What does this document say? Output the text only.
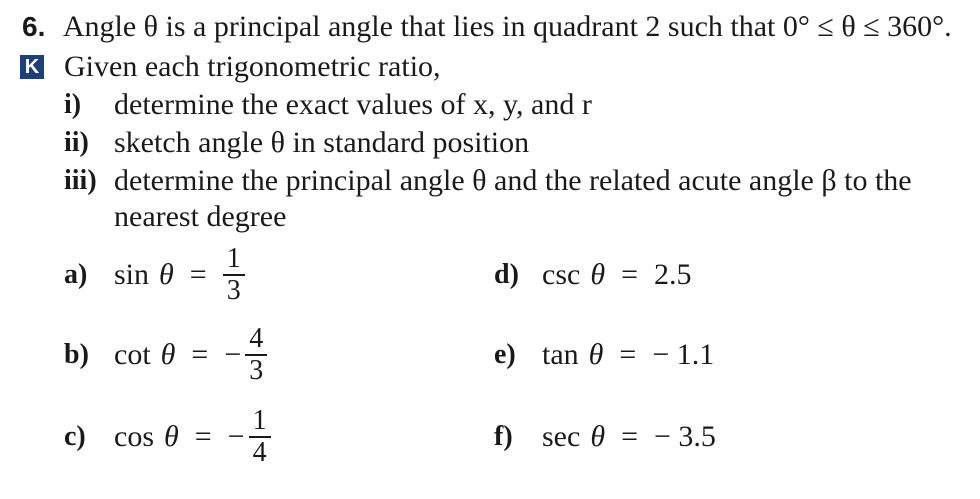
6. Angle θ is a principal angle that lies in quadrant 2 such that 0° ≤ θ ≤ 360°.
K Given each trigonometric ratio,
i) determine the exact values of x, y, and r
ii) sketch angle θ in standard position
iii) determine the principal angle θ and the related acute angle β to the
nearest degree
a) $\sin \theta = \frac{1}{3}$
b) cot θ = − $\frac{4}{3}$
c) cos θ = − $\frac{1}{4}$
d) csc θ = 2.5
e) tan θ = − 1.1
f) sec θ = − 3.5
